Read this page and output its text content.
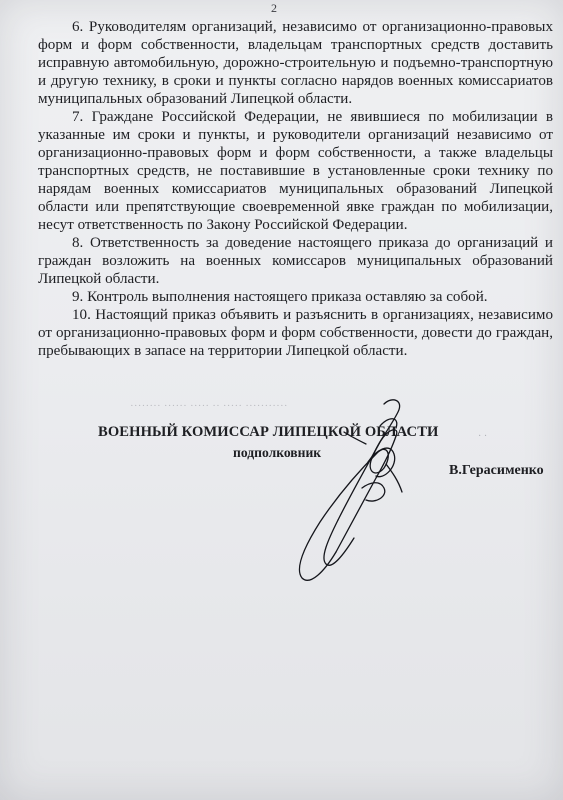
2

6. Руководителям организаций, независимо от организационно-правовых форм и форм собственности, владельцам транспортных средств доставить исправную автомобильную, дорожно-строительную и подъемно-транспортную и другую технику, в сроки и пункты согласно нарядов военных комиссариатов муниципальных образований Липецкой области.

7. Граждане Российской Федерации, не явившиеся по мобилизации в указанные им сроки и пункты, и руководители организаций независимо от организационно-правовых форм и форм собственности, а также владельцы транспортных средств, не поставившие в установленные сроки технику по нарядам военных комиссариатов муниципальных образований Липецкой области или препятствующие своевременной явке граждан по мобилизации, несут ответственность по Закону Российской Федерации.

8. Ответственность за доведение настоящего приказа до организаций и граждан возложить на военных комиссаров муниципальных образований Липецкой области.

9. Контроль выполнения настоящего приказа оставляю за собой.

10. Настоящий приказ объявить и разъяснить в организациях, независимо от организационно-правовых форм и форм собственности, довести до граждан, пребывающих в запасе на территории Липецкой области.

········ ······ ····· ·· ····· ···········
· ·
ВОЕННЫЙ КОМИССАР ЛИПЕЦКОЙ ОБЛАСТИ
подполковник
В.Герасименко
